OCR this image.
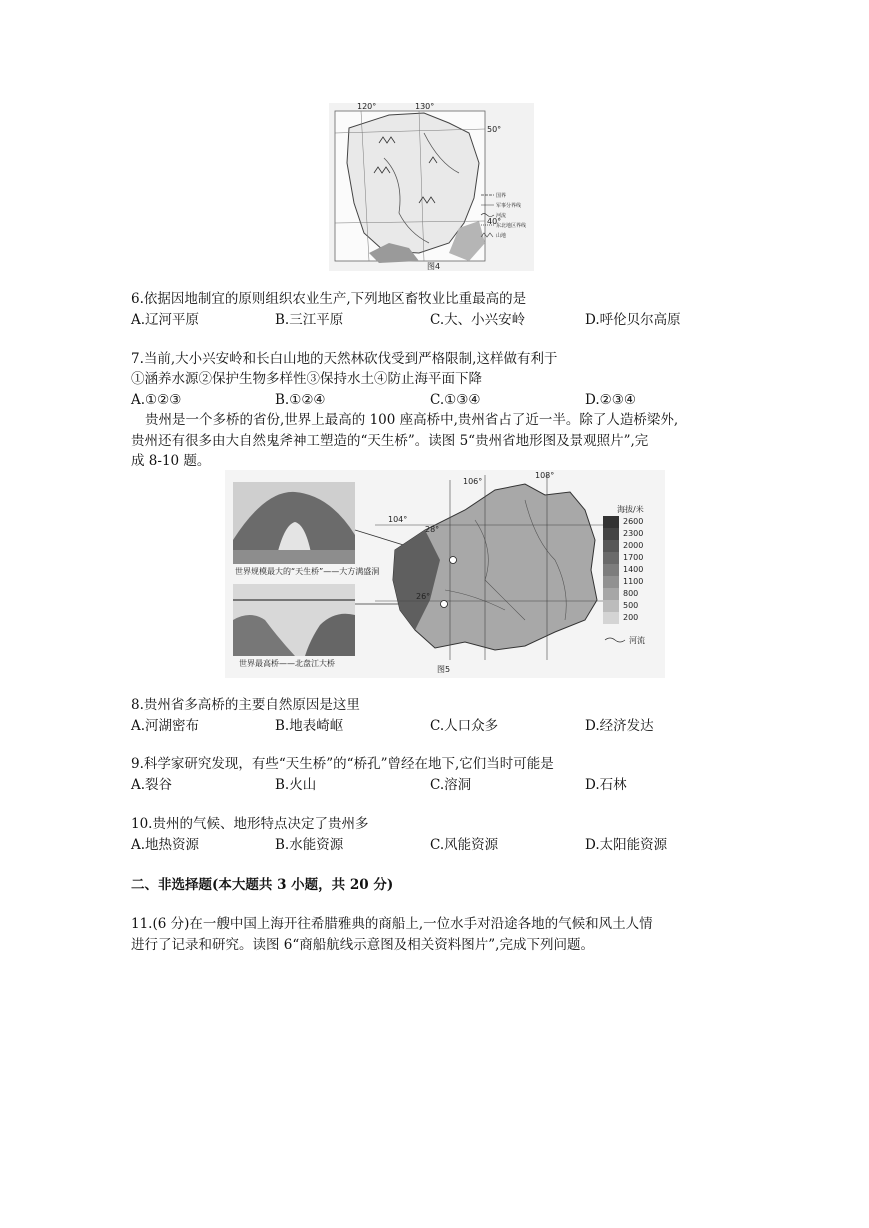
120°	130°
50°
40°
国界
军事分界线
河流
东北地区界线
山地
图4
6.依据因地制宜的原则组织农业生产,下列地区畜牧业比重最高的是
A.辽河平原	B.三江平原	C.大、小兴安岭	D.呼伦贝尔高原
7.当前,大小兴安岭和长白山地的天然林砍伐受到严格限制,这样做有利于
①涵养水源②保护生物多样性③保持水土④防止海平面下降
A.①②③	B.①②④	C.①③④	D.②③④
贵州是一个多桥的省份,世界上最高的 100 座高桥中,贵州省占了近一半。除了人造桥梁外,
贵州还有很多由大自然鬼斧神工塑造的“天生桥”。读图 5“贵州省地形图及景观照片”,完
成 8-10 题。
世界规模最大的“天生桥”——大方满盛洞
世界最高桥——北盘江大桥
104°
106°
108°
28°
26°
海拔/米
2600
2300
2000
1700
1400
1100
800
500
200
河流
图5
8.贵州省多高桥的主要自然原因是这里
A.河湖密布	B.地表崎岖	C.人口众多	D.经济发达
9.科学家研究发现，有些“天生桥”的“桥孔”曾经在地下,它们当时可能是
A.裂谷	B.火山	C.溶洞	D.石林
10.贵州的气候、地形特点决定了贵州多
A.地热资源	B.水能资源	C.风能资源	D.太阳能资源
二、非选择题(本大题共 3 小题，共 20 分)
11.(6 分)在一艘中国上海开往希腊雅典的商船上,一位水手对沿途各地的气候和风土人情
进行了记录和研究。读图 6“商船航线示意图及相关资料图片”,完成下列问题。
